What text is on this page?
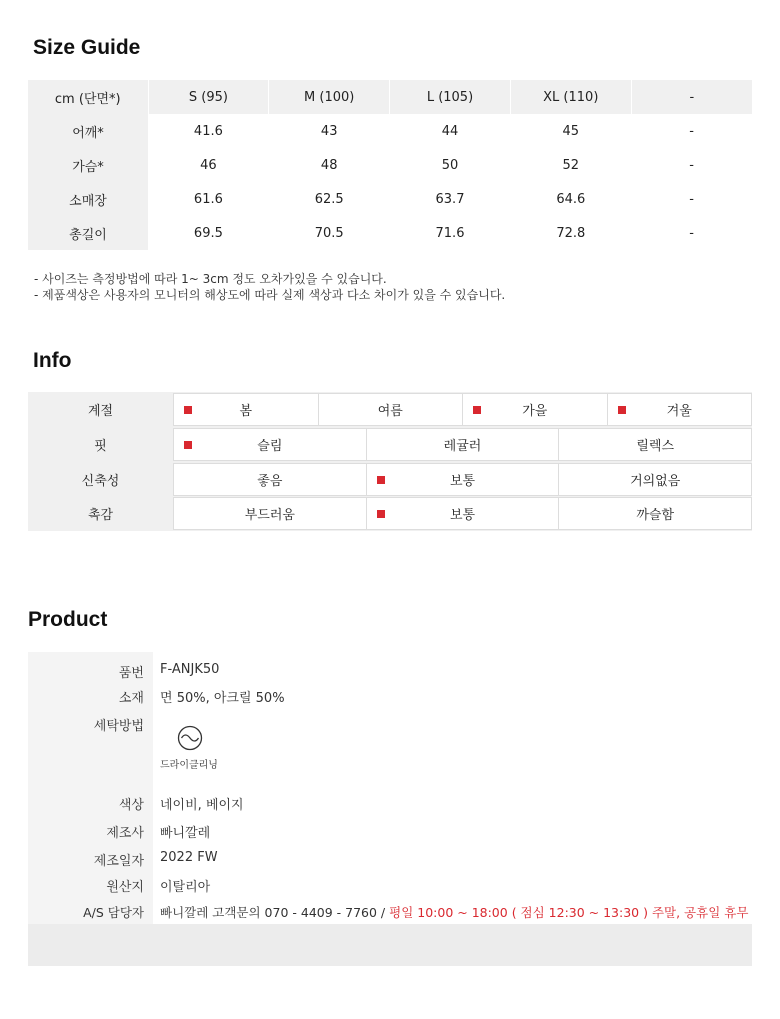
Size Guide
cm (단면*)	S (95)	M (100)	L (105)	XL (110)	-
어깨*	41.6	43	44	45	-
가슴*	46	48	50	52	-
소매장	61.6	62.5	63.7	64.6	-
총길이	69.5	70.5	71.6	72.8	-
- 사이즈는 측정방법에 따라 1~ 3cm 정도 오차가있을 수 있습니다.
- 제품색상은 사용자의 모니터의 해상도에 따라 실제 색상과 다소 차이가 있을 수 있습니다.
Info
계절	봄	여름	가을	겨울
핏	슬림	레귤러	릴렉스
신축성	좋음	보통	거의없음
촉감	부드러움	보통	까슬함
Product
품번 F-ANJK50
소재 면 50%, 아크릴 50%
세탁방법
드라이클리닝
색상 네이비, 베이지
제조사 빠니깔레
제조일자 2022 FW
원산지 이탈리아
A/S 담당자 빠니깔레 고객문의 070 - 4409 - 7760 / 평일 10:00 ~ 18:00 ( 점심 12:30 ~ 13:30 ) 주말, 공휴일 휴무
